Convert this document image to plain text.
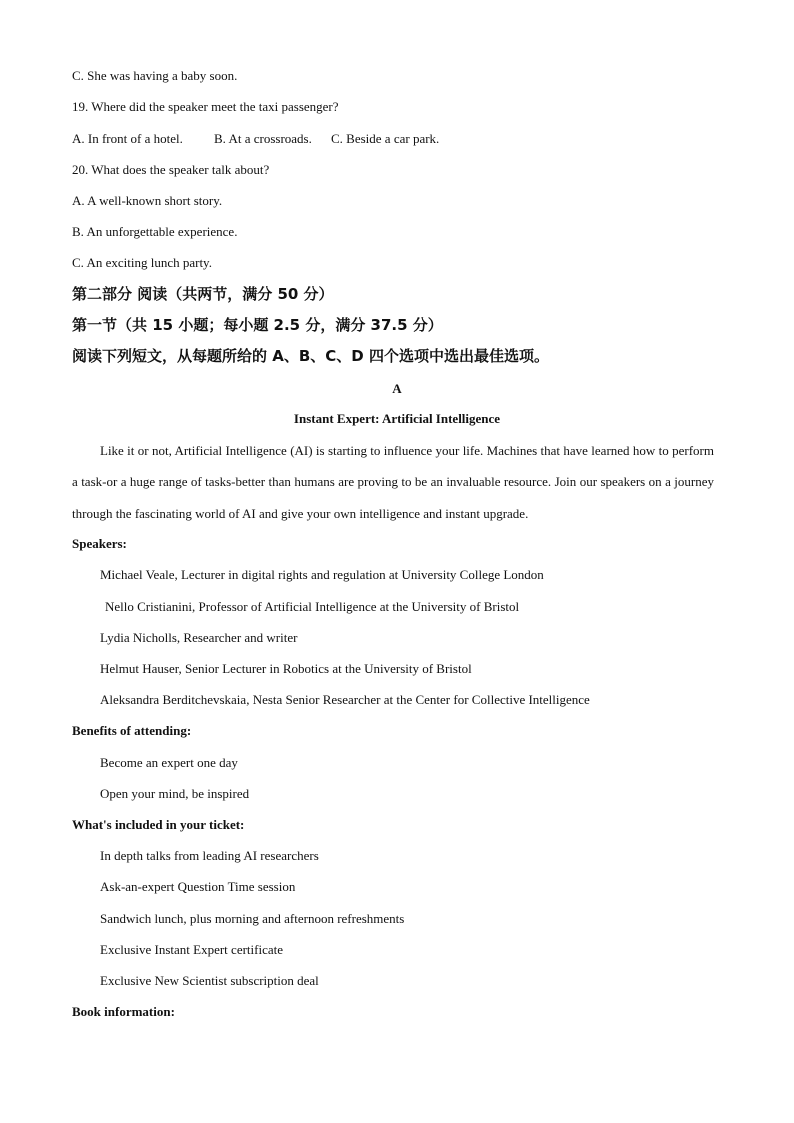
C. She was having a baby soon.
19. Where did the speaker meet the taxi passenger?
A. In front of a hotel. B. At a crossroads. C. Beside a car park.
20. What does the speaker talk about?
A. A well-known short story.
B. An unforgettable experience.
C. An exciting lunch party.
第二部分 阅读（共两节，满分 50 分）
第一节（共 15 小题；每小题 2.5 分，满分 37.5 分）
阅读下列短文，从每题所给的 A、B、C、D 四个选项中选出最佳选项。
A
Instant Expert: Artificial Intelligence

Like it or not, Artificial Intelligence (AI) is starting to influence your life. Machines that have learned how to perform a task-or a huge range of tasks-better than humans are proving to be an invaluable resource. Join our speakers on a journey through the fascinating world of AI and give your own intelligence and instant upgrade.

Speakers:
Michael Veale, Lecturer in digital rights and regulation at University College London
Nello Cristianini, Professor of Artificial Intelligence at the University of Bristol
Lydia Nicholls, Researcher and writer
Helmut Hauser, Senior Lecturer in Robotics at the University of Bristol
Aleksandra Berditchevskaia, Nesta Senior Researcher at the Center for Collective Intelligence
Benefits of attending:
Become an expert one day
Open your mind, be inspired
What's included in your ticket:
In depth talks from leading AI researchers
Ask-an-expert Question Time session
Sandwich lunch, plus morning and afternoon refreshments
Exclusive Instant Expert certificate
Exclusive New Scientist subscription deal
Book information:
